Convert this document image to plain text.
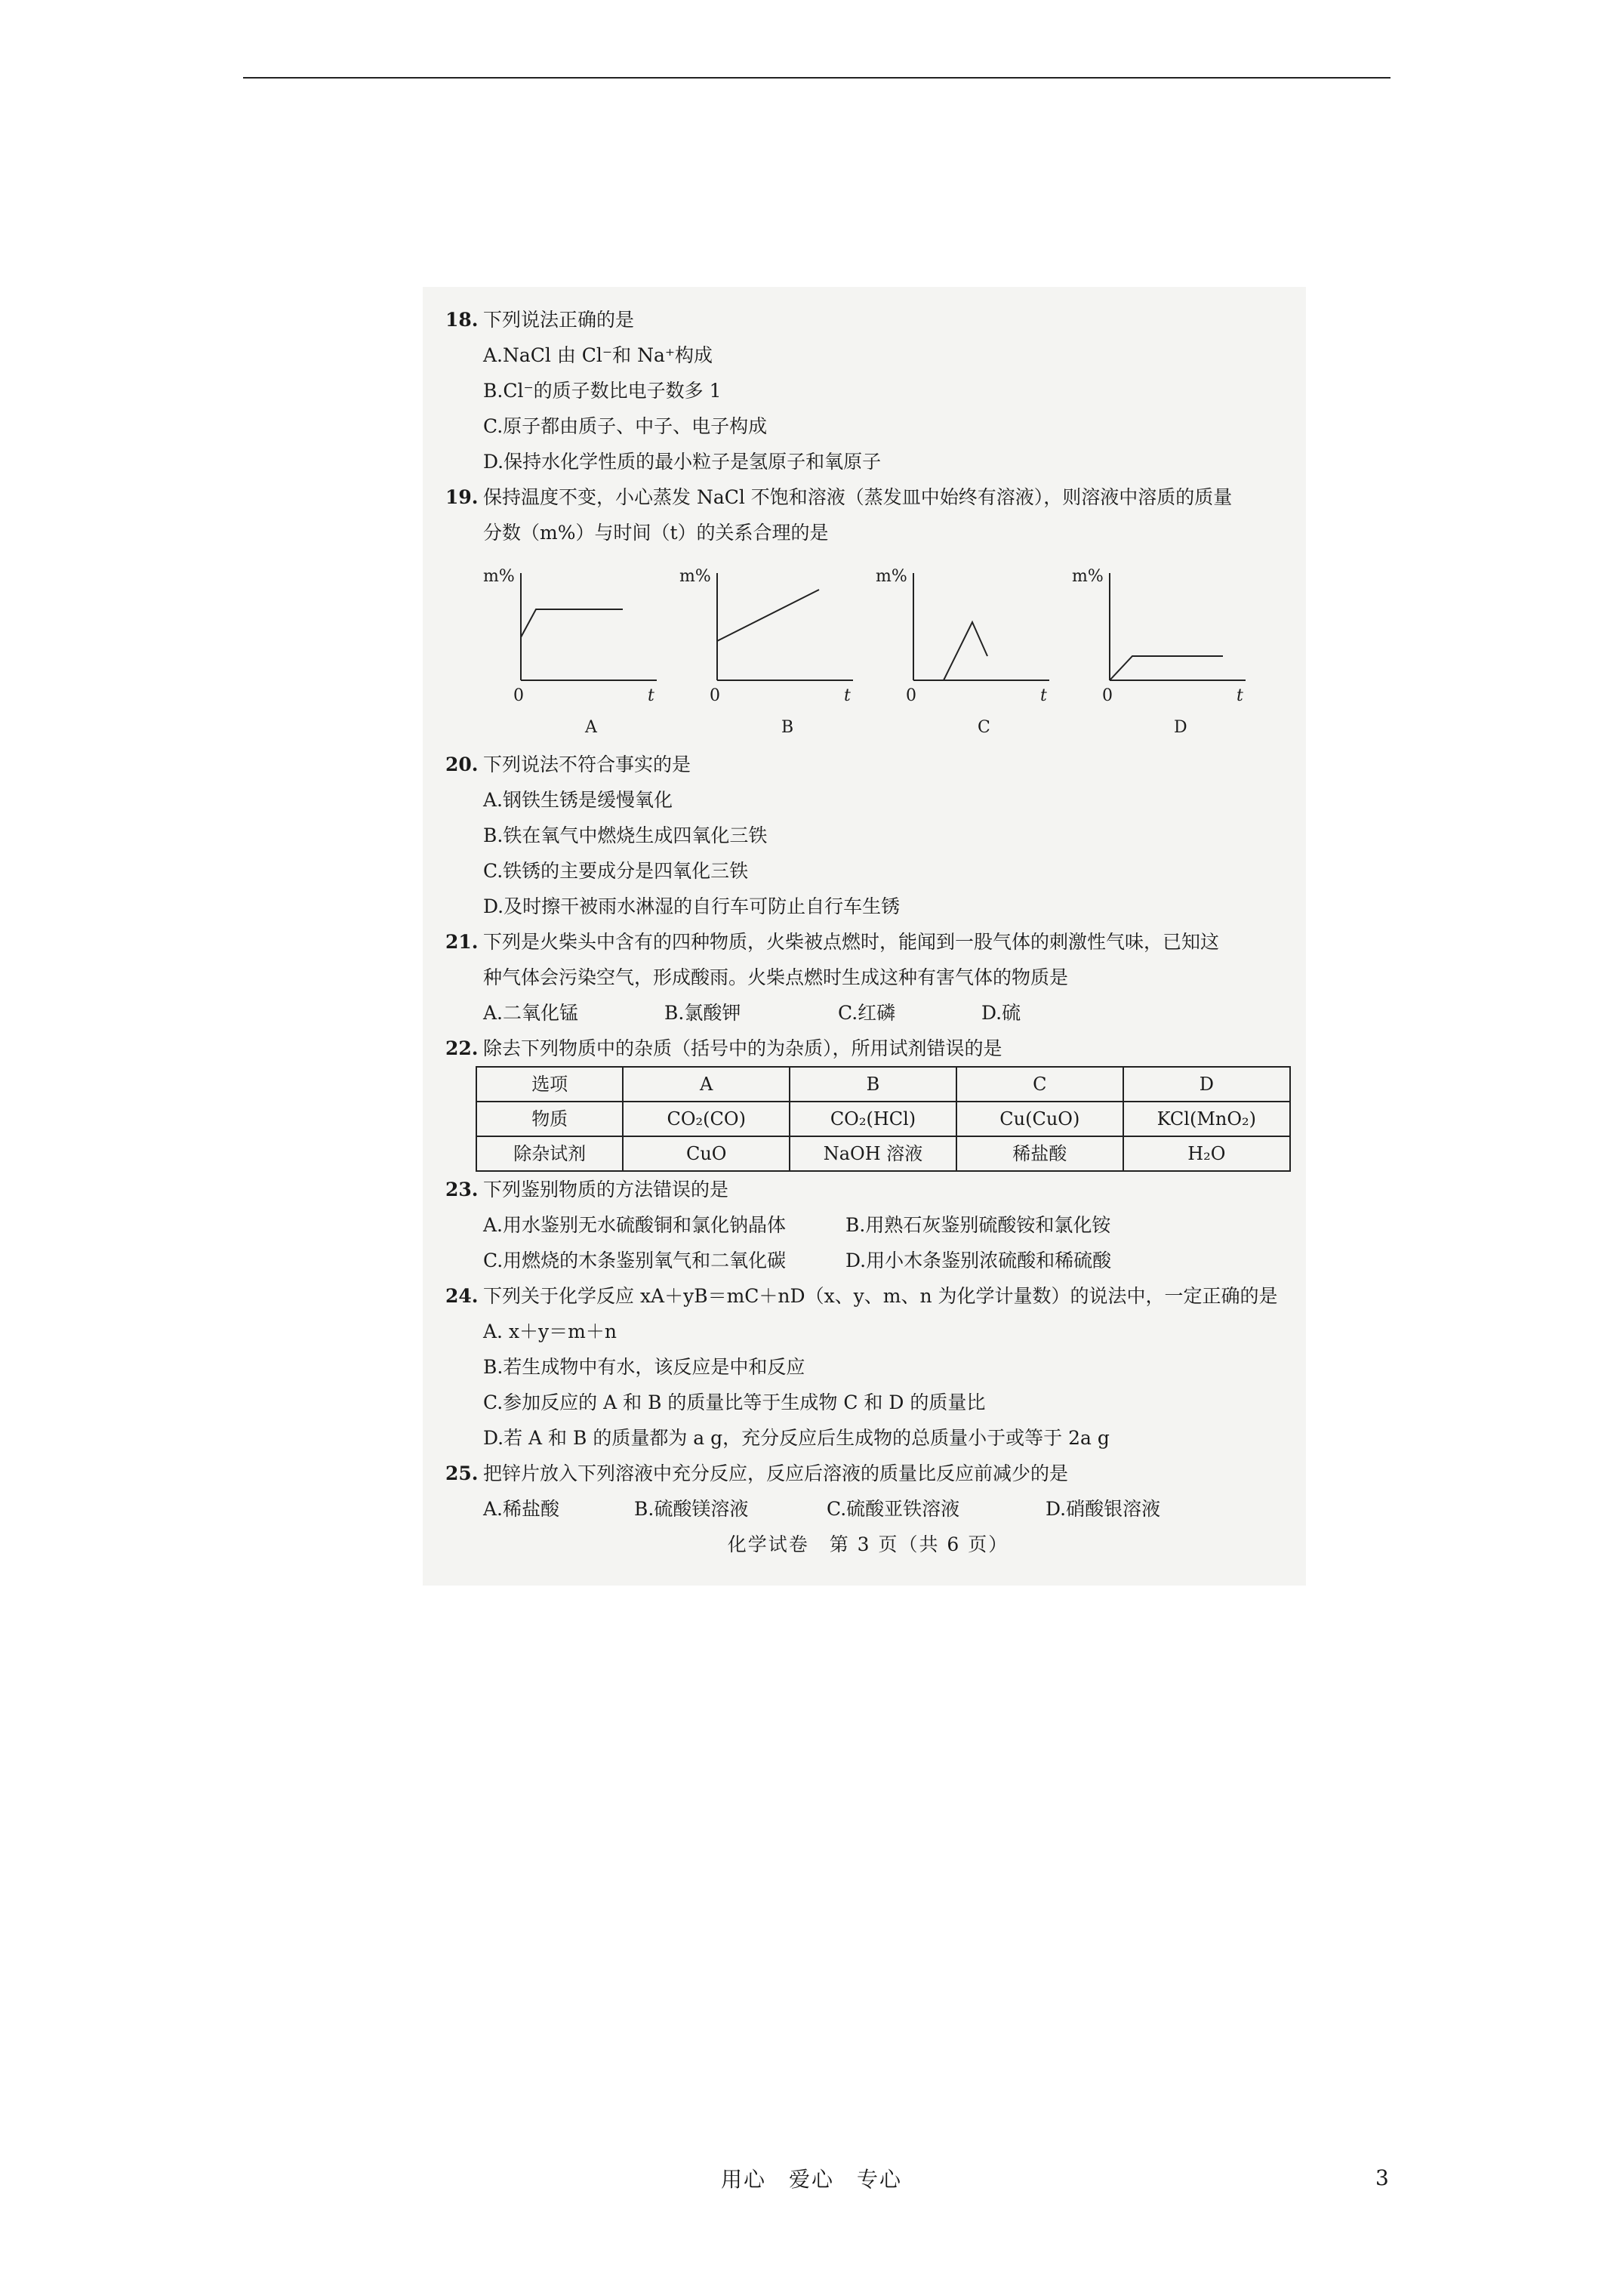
18. 下列说法正确的是
A.NaCl 由 Cl⁻和 Na⁺构成
B.Cl⁻的质子数比电子数多 1
C.原子都由质子、中子、电子构成
D.保持水化学性质的最小粒子是氢原子和氧原子
19. 保持温度不变，小心蒸发 NaCl 不饱和溶液（蒸发皿中始终有溶液），则溶液中溶质的质量
分数（m%）与时间（t）的关系合理的是
m%
0	t
A
m%
0	t
B
m%
0	t
C
m%
0	t
D
20. 下列说法不符合事实的是
A.钢铁生锈是缓慢氧化
B.铁在氧气中燃烧生成四氧化三铁
C.铁锈的主要成分是四氧化三铁
D.及时擦干被雨水淋湿的自行车可防止自行车生锈
21. 下列是火柴头中含有的四种物质，火柴被点燃时，能闻到一股气体的刺激性气味，已知这
种气体会污染空气，形成酸雨。火柴点燃时生成这种有害气体的物质是
A.二氧化锰	B.氯酸钾	C.红磷	D.硫
22. 除去下列物质中的杂质（括号中的为杂质），所用试剂错误的是
选项	A	B	C	D
物质	CO₂(CO)	CO₂(HCl)	Cu(CuO)	KCl(MnO₂)
除杂试剂	CuO	NaOH 溶液	稀盐酸	H₂O
23. 下列鉴别物质的方法错误的是
A.用水鉴别无水硫酸铜和氯化钠晶体	B.用熟石灰鉴别硫酸铵和氯化铵
C.用燃烧的木条鉴别氧气和二氧化碳	D.用小木条鉴别浓硫酸和稀硫酸
24. 下列关于化学反应 xA＋yB＝mC＋nD（x、y、m、n 为化学计量数）的说法中，一定正确的是
A. x＋y＝m＋n
B.若生成物中有水，该反应是中和反应
C.参加反应的 A 和 B 的质量比等于生成物 C 和 D 的质量比
D.若 A 和 B 的质量都为 a g，充分反应后生成物的总质量小于或等于 2a g
25. 把锌片放入下列溶液中充分反应，反应后溶液的质量比反应前减少的是
A.稀盐酸	B.硫酸镁溶液	C.硫酸亚铁溶液	D.硝酸银溶液
化学试卷　第 3 页（共 6 页）
用心　爱心　专心	3
